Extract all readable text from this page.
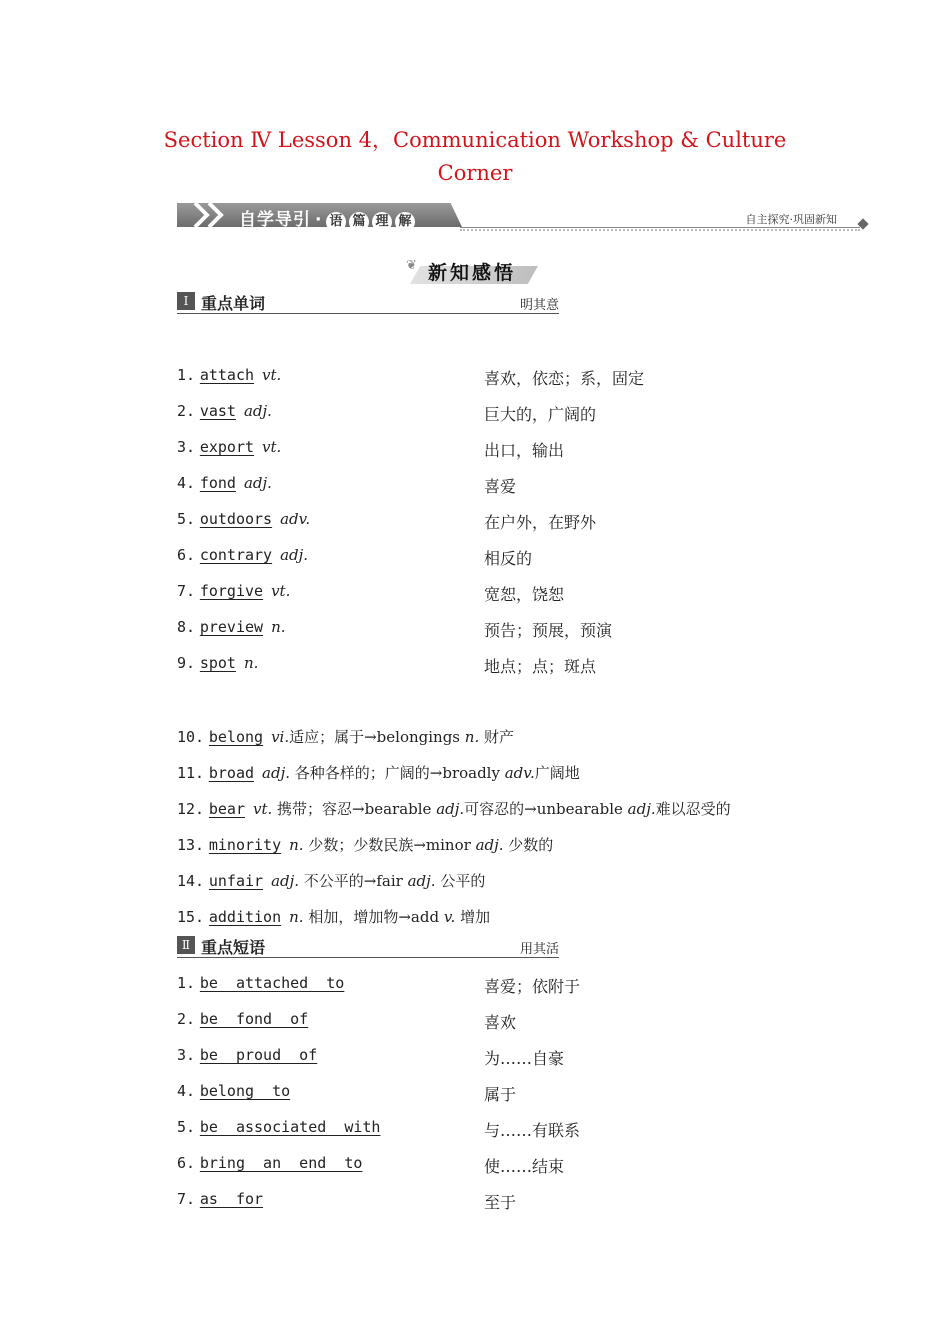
Section Ⅳ Lesson 4，Communication Workshop & Culture
Corner
自学导引 · 语 篇 理 解	自主探究·巩固新知
❦ 新知感悟
Ⅰ 重点单词	明其意
1. attach vt.	喜欢，依恋；系，固定
2. vast adj.	巨大的，广阔的
3. export vt.	出口，输出
4. fond adj.	喜爱
5. outdoors adv.	在户外，在野外
6. contrary adj.	相反的
7. forgive vt.	宽恕，饶恕
8. preview n.	预告；预展，预演
9. spot n.	地点；点；斑点
10. belong vi.适应；属于→belongings n. 财产
11. broad adj. 各种各样的；广阔的→broadly adv.广阔地
12. bear vt. 携带；容忍→bearable adj.可容忍的→unbearable adj.难以忍受的
13. minority n. 少数；少数民族→minor adj. 少数的
14. unfair adj. 不公平的→fair adj. 公平的
15. addition n. 相加，增加物→add v. 增加
Ⅱ 重点短语	用其活
1. be  attached  to	喜爱；依附于
2. be  fond  of	喜欢
3. be  proud  of	为……自豪
4. belong  to	属于
5. be  associated  with	与……有联系
6. bring  an  end  to	使……结束
7. as  for	至于
